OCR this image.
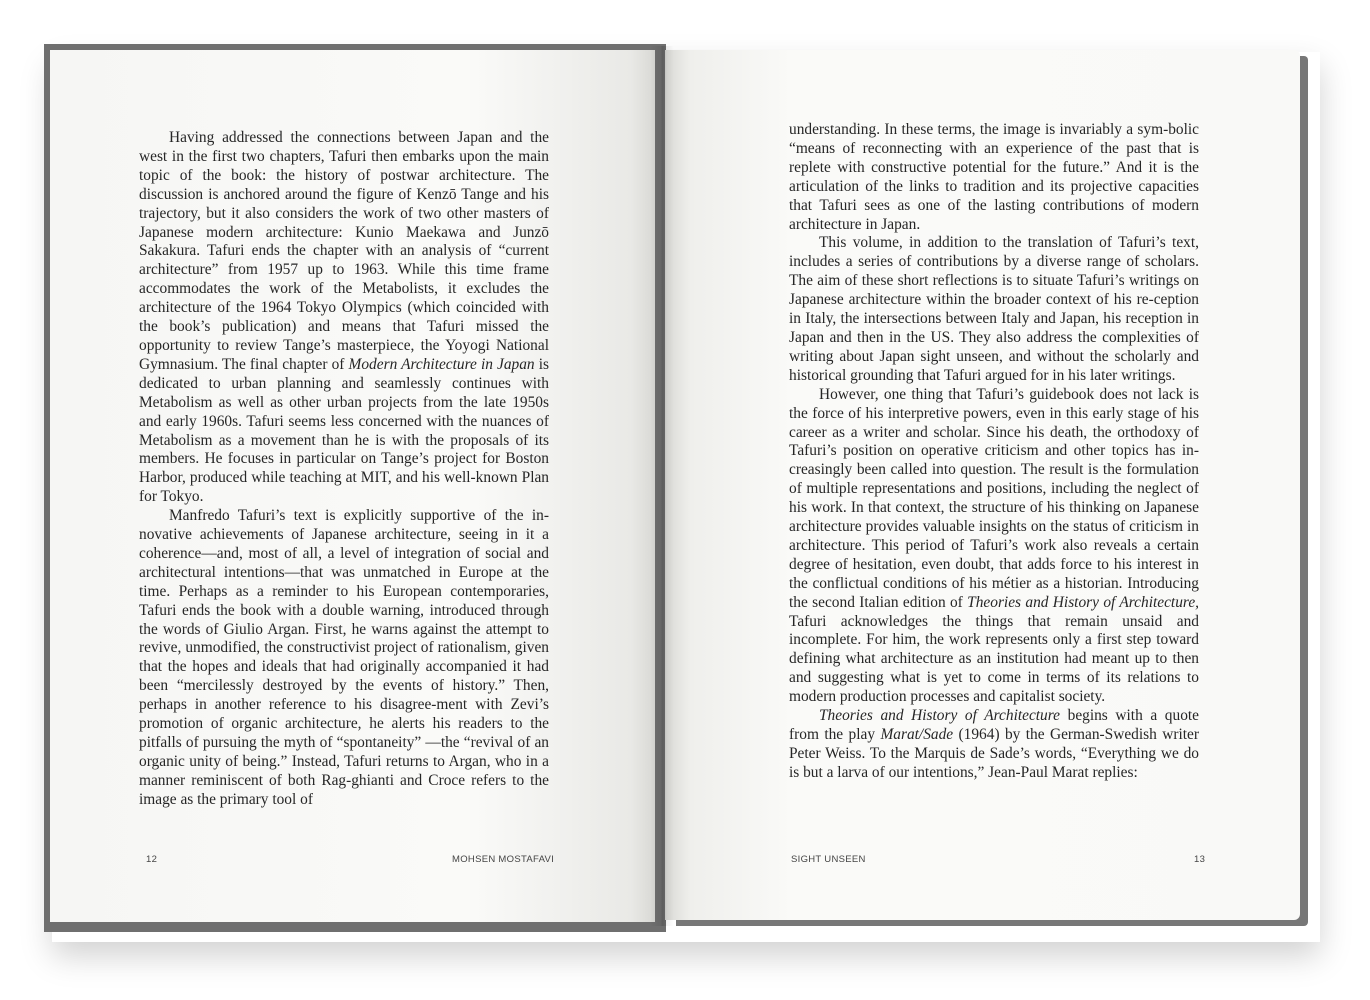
Having addressed the connections between Japan and the west in the first two chapters, Tafuri then embarks upon the main topic of the book: the history of postwar architecture. The discussion is anchored around the figure of Kenzō Tange and his trajectory, but it also considers the work of two other masters of Japanese modern architecture: Kunio Maekawa and Junzō Sakakura. Tafuri ends the chapter with an analysis of “current architecture” from 1957 up to 1963. While this time frame accommodates the work of the Metabolists, it excludes the architecture of the 1964 Tokyo Olympics (which coincided with the book’s publication) and means that Tafuri missed the opportunity to review Tange’s masterpiece, the Yoyogi National Gymnasium. The final chapter of Modern Architecture in Japan is dedicated to urban planning and seamlessly continues with Metabolism as well as other urban projects from the late 1950s and early 1960s. Tafuri seems less concerned with the nuances of Metabolism as a movement than he is with the proposals of its members. He focuses in particular on Tange’s project for Boston Harbor, produced while teaching at MIT, and his well-known Plan for Tokyo.

Manfredo Tafuri’s text is explicitly supportive of the in-novative achievements of Japanese architecture, seeing in it a coherence—and, most of all, a level of integration of social and architectural intentions—that was unmatched in Europe at the time. Perhaps as a reminder to his European contemporaries, Tafuri ends the book with a double warning, introduced through the words of Giulio Argan. First, he warns against the attempt to revive, unmodified, the constructivist project of rationalism, given that the hopes and ideals that had originally accompanied it had been “mercilessly destroyed by the events of history.” Then, perhaps in another reference to his disagree-ment with Zevi’s promotion of organic architecture, he alerts his readers to the pitfalls of pursuing the myth of “spontaneity” —the “revival of an organic unity of being.” Instead, Tafuri returns to Argan, who in a manner reminiscent of both Rag-ghianti and Croce refers to the image as the primary tool of

12	MOHSEN MOSTAFAVI

understanding. In these terms, the image is invariably a sym-bolic “means of reconnecting with an experience of the past that is replete with constructive potential for the future.” And it is the articulation of the links to tradition and its projective capacities that Tafuri sees as one of the lasting contributions of modern architecture in Japan.

This volume, in addition to the translation of Tafuri’s text, includes a series of contributions by a diverse range of scholars. The aim of these short reflections is to situate Tafuri’s writings on Japanese architecture within the broader context of his re-ception in Italy, the intersections between Italy and Japan, his reception in Japan and then in the US. They also address the complexities of writing about Japan sight unseen, and without the scholarly and historical grounding that Tafuri argued for in his later writings.

However, one thing that Tafuri’s guidebook does not lack is the force of his interpretive powers, even in this early stage of his career as a writer and scholar. Since his death, the orthodoxy of Tafuri’s position on operative criticism and other topics has in-creasingly been called into question. The result is the formulation of multiple representations and positions, including the neglect of his work. In that context, the structure of his thinking on Japanese architecture provides valuable insights on the status of criticism in architecture. This period of Tafuri’s work also reveals a certain degree of hesitation, even doubt, that adds force to his interest in the conflictual conditions of his métier as a historian. Introducing the second Italian edition of Theories and History of Architecture, Tafuri acknowledges the things that remain unsaid and incomplete. For him, the work represents only a first step toward defining what architecture as an institution had meant up to then and suggesting what is yet to come in terms of its relations to modern production processes and capitalist society.

Theories and History of Architecture begins with a quote from the play Marat/Sade (1964) by the German-Swedish writer Peter Weiss. To the Marquis de Sade’s words, “Everything we do is but a larva of our intentions,” Jean-Paul Marat replies:

SIGHT UNSEEN	13
